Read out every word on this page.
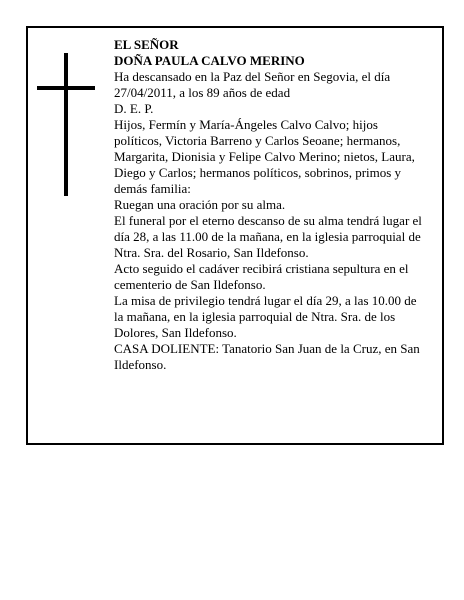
EL SEÑOR

DOÑA PAULA CALVO MERINO

Ha descansado en la Paz del Señor en Segovia, el día 27/04/2011, a los 89 años de edad

D. E. P.

Hijos, Fermín y María-Ángeles Calvo Calvo; hijos políticos, Victoria Barreno y Carlos Seoane; hermanos, Margarita, Dionisia y Felipe Calvo Merino; nietos, Laura, Diego y Carlos; hermanos políticos, sobrinos, primos y demás familia:

Ruegan una oración por su alma.

El funeral por el eterno descanso de su alma tendrá lugar el día 28, a las 11.00 de la mañana, en la iglesia parroquial de Ntra. Sra. del Rosario, San Ildefonso.

Acto seguido el cadáver recibirá cristiana sepultura en el cementerio de San Ildefonso.

La misa de privilegio tendrá lugar el día 29, a las 10.00 de la mañana, en la iglesia parroquial de Ntra. Sra. de los Dolores, San Ildefonso.

CASA DOLIENTE: Tanatorio San Juan de la Cruz, en San Ildefonso.
